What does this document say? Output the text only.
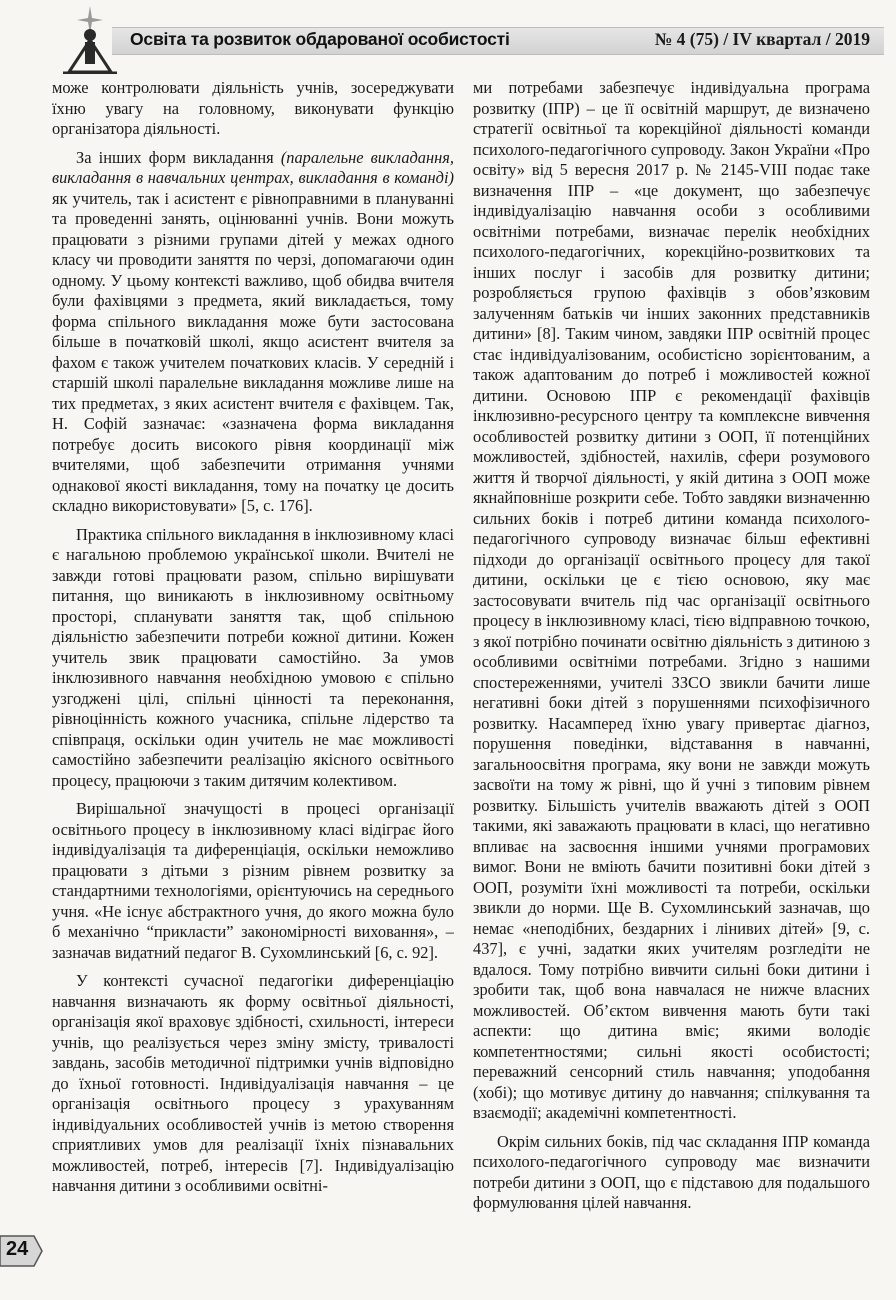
Освіта та розвиток обдарованої особистості	№ 4 (75) / IV квартал / 2019

може контролювати діяльність учнів, зосереджувати їхню увагу на головному, виконувати функцію організатора діяльності.

За інших форм викладання (паралельне викладання, викладання в навчальних центрах, викладання в команді) як учитель, так і асистент є рівноправними в плануванні та проведенні занять, оцінюванні учнів. Вони можуть працювати з різними групами дітей у межах одного класу чи проводити заняття по черзі, допомагаючи один одному. У цьому контексті важливо, щоб обидва вчителя були фахівцями з предмета, який викладається, тому форма спільного викладання може бути застосована більше в початковій школі, якщо асистент вчителя за фахом є також учителем початкових класів. У середній і старшій школі паралельне викладання можливе лише на тих предметах, з яких асистент вчителя є фахівцем. Так, Н. Софій зазначає: «зазначена форма викладання потребує досить високого рівня координації між вчителями, щоб забезпечити отримання учнями однакової якості викладання, тому на початку це досить складно використовувати» [5, с. 176].

Практика спільного викладання в інклюзивному класі є нагальною проблемою української школи. Вчителі не завжди готові працювати разом, спільно вирішувати питання, що виникають в інклюзивному освітньому просторі, спланувати заняття так, щоб спільною діяльністю забезпечити потреби кожної дитини. Кожен учитель звик працювати самостійно. За умов інклюзивного навчання необхідною умовою є спільно узгоджені цілі, спільні цінності та переконання, рівноцінність кожного учасника, спільне лідерство та співпраця, оскільки один учитель не має можливості самостійно забезпечити реалізацію якісного освітнього процесу, працюючи з таким дитячим колективом.

Вирішальної значущості в процесі організації освітнього процесу в інклюзивному класі відіграє його індивідуалізація та диференціація, оскільки неможливо працювати з дітьми з різним рівнем розвитку за стандартними технологіями, орієнтуючись на середнього учня. «Не існує абстрактного учня, до якого можна було б механічно “прикласти” закономірності виховання», – зазначав видатний педагог В. Сухомлинський [6, с. 92].

У контексті сучасної педагогіки диференціацію навчання визначають як форму освітньої діяльності, організація якої враховує здібності, схильності, інтереси учнів, що реалізується через зміну змісту, тривалості завдань, засобів методичної підтримки учнів відповідно до їхньої готовності. Індивідуалізація навчання – це організація освітнього процесу з урахуванням індивідуальних особливостей учнів із метою створення сприятливих умов для реалізації їхніх пізнавальних можливостей, потреб, інтересів [7]. Індивідуалізацію навчання дитини з особливими освітні-

ми потребами забезпечує індивідуальна програма розвитку (ІПР) – це її освітній маршрут, де визначено стратегії освітньої та корекційної діяльності команди психолого-педагогічного супроводу. Закон України «Про освіту» від 5 вересня 2017 р. № 2145-VIII подає таке визначення ІПР – «це документ, що забезпечує індивідуалізацію навчання особи з особливими освітніми потребами, визначає перелік необхідних психолого-педагогічних, корекційно-розвиткових та інших послуг і засобів для розвитку дитини; розробляється групою фахівців з обов’язковим залученням батьків чи інших законних представників дитини» [8]. Таким чином, завдяки ІПР освітній процес стає індивідуалізованим, особистісно зорієнтованим, а також адаптованим до потреб і можливостей кожної дитини. Основою ІПР є рекомендації фахівців інклюзивно-ресурсного центру та комплексне вивчення особливостей розвитку дитини з ООП, її потенційних можливостей, здібностей, нахилів, сфери розумового життя й творчої діяльності, у якій дитина з ООП може якнайповніше розкрити себе. Тобто завдяки визначенню сильних боків і потреб дитини команда психолого-педагогічного супроводу визначає більш ефективні підходи до організації освітнього процесу для такої дитини, оскільки це є тією основою, яку має застосовувати вчитель під час організації освітнього процесу в інклюзивному класі, тією відправною точкою, з якої потрібно починати освітню діяльність з дитиною з особливими освітніми потребами. Згідно з нашими спостереженнями, учителі ЗЗСО звикли бачити лише негативні боки дітей з порушеннями психофізичного розвитку. Насамперед їхню увагу привертає діагноз, порушення поведінки, відставання в навчанні, загальноосвітня програма, яку вони не завжди можуть засвоїти на тому ж рівні, що й учні з типовим рівнем розвитку. Більшість учителів вважають дітей з ООП такими, які заважають працювати в класі, що негативно впливає на засвоєння іншими учнями програмових вимог. Вони не вміють бачити позитивні боки дітей з ООП, розуміти їхні можливості та потреби, оскільки звикли до норми. Ще В. Сухомлинський зазначав, що немає «неподібних, бездарних і лінивих дітей» [9, с. 437], є учні, задатки яких учителям розгледіти не вдалося. Тому потрібно вивчити сильні боки дитини і зробити так, щоб вона навчалася не нижче власних можливостей. Об’єктом вивчення мають бути такі аспекти: що дитина вміє; якими володіє компетентностями; сильні якості особистості; переважний сенсорний стиль навчання; уподобання (хобі); що мотивує дитину до навчання; спілкування та взаємодії; академічні компетентності.

Окрім сильних боків, під час складання ІПР команда психолого-педагогічного супроводу має визначити потреби дитини з ООП, що є підставою для подальшого формулювання цілей навчання.

24
